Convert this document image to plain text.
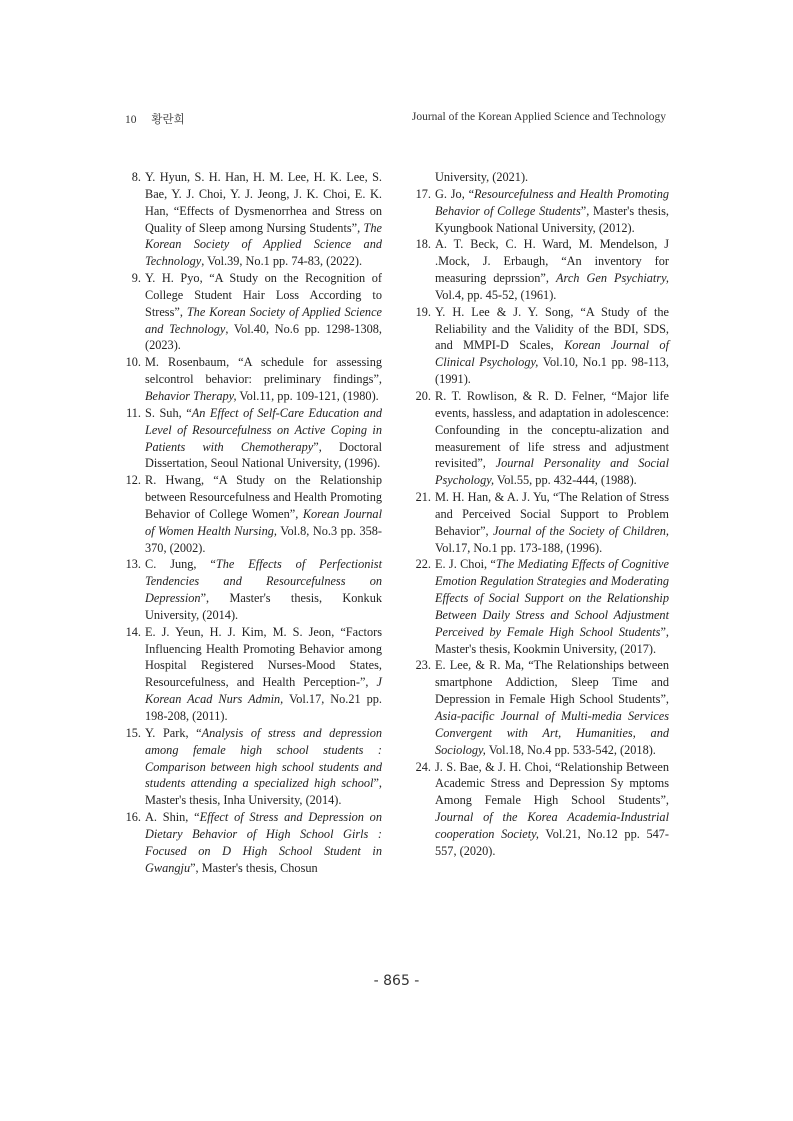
10 황란희	Journal of the Korean Applied Science and Technology
8. Y. Hyun, S. H. Han, H. M. Lee, H. K. Lee, S. Bae, Y. J. Choi, Y. J. Jeong, J. K. Choi, E. K. Han, “Effects of Dysmenorrhea and Stress on Quality of Sleep among Nursing Students”, The Korean Society of Applied Science and Technology, Vol.39, No.1 pp. 74-83, (2022).
9. Y. H. Pyo, “A Study on the Recognition of College Student Hair Loss According to Stress”, The Korean Society of Applied Science and Technology, Vol.40, No.6 pp. 1298-1308, (2023).
10. M. Rosenbaum, “A schedule for assessing selcontrol behavior: preliminary findings”, Behavior Therapy, Vol.11, pp. 109-121, (1980).
11. S. Suh, “An Effect of Self-Care Education and Level of Resourcefulness on Active Coping in Patients with Chemotherapy”, Doctoral Dissertation, Seoul National University, (1996).
12. R. Hwang, “A Study on the Relationship between Resourcefulness and Health Promoting Behavior of College Women”, Korean Journal of Women Health Nursing, Vol.8, No.3 pp. 358-370, (2002).
13. C. Jung, “The Effects of Perfectionist Tendencies and Resourcefulness on Depression”, Master's thesis, Konkuk University, (2014).
14. E. J. Yeun, H. J. Kim, M. S. Jeon, “Factors Influencing Health Promoting Behavior among Hospital Registered Nurses-Mood States, Resourcefulness, and Health Perception-”, J Korean Acad Nurs Admin, Vol.17, No.21 pp. 198-208, (2011).
15. Y. Park, “Analysis of stress and depression among female high school students : Comparison between high school students and students attending a specialized high school”, Master's thesis, Inha University, (2014).
16. A. Shin, “Effect of Stress and Depression on Dietary Behavior of High School Girls : Focused on D High School Student in Gwangju”, Master's thesis, Chosun
University, (2021).
17. G. Jo, “Resourcefulness and Health Promoting Behavior of College Students”, Master's thesis, Kyungbook National University, (2012).
18. A. T. Beck, C. H. Ward, M. Mendelson, J .Mock, J. Erbaugh, “An inventory for measuring deprssion”, Arch Gen Psychiatry, Vol.4, pp. 45-52, (1961).
19. Y. H. Lee & J. Y. Song, “A Study of the Reliability and the Validity of the BDI, SDS, and MMPI-D Scales, Korean Journal of Clinical Psychology, Vol.10, No.1 pp. 98-113, (1991).
20. R. T. Rowlison, & R. D. Felner, “Major life events, hassless, and adaptation in adolescence: Confounding in the conceptu-alization and measurement of life stress and adjustment revisited”, Journal Personality and Social Psychology, Vol.55, pp. 432-444, (1988).
21. M. H. Han, & A. J. Yu, “The Relation of Stress and Perceived Social Support to Problem Behavior”, Journal of the Society of Children, Vol.17, No.1 pp. 173-188, (1996).
22. E. J. Choi, “The Mediating Effects of Cognitive Emotion Regulation Strategies and Moderating Effects of Social Support on the Relationship Between Daily Stress and School Adjustment Perceived by Female High School Students”, Master's thesis, Kookmin University, (2017).
23. E. Lee, & R. Ma, “The Relationships between smartphone Addiction, Sleep Time and Depression in Female High School Students”, Asia-pacific Journal of Multi-media Services Convergent with Art, Humanities, and Sociology, Vol.18, No.4 pp. 533-542, (2018).
24. J. S. Bae, & J. H. Choi, “Relationship Between Academic Stress and Depression Sy mptoms Among Female High School Students”, Journal of the Korea Academia-Industrial cooperation Society, Vol.21, No.12 pp. 547-557, (2020).
- 865 -
